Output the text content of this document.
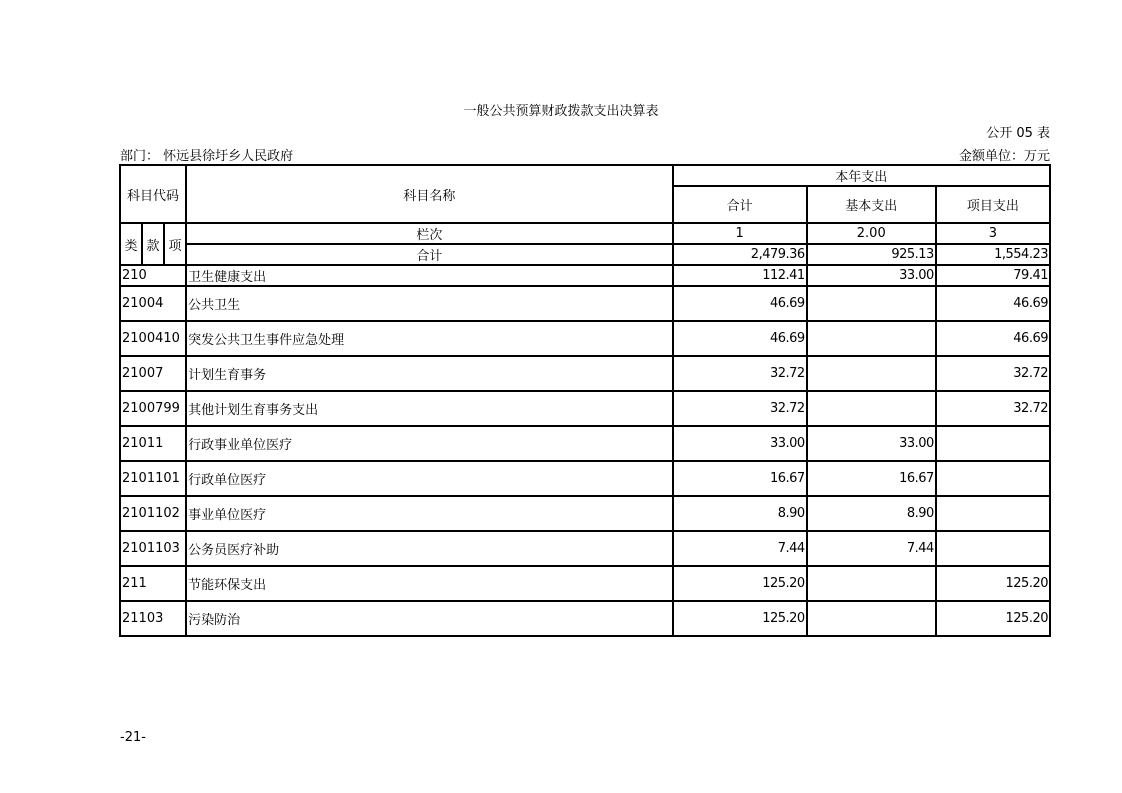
一般公共预算财政拨款支出决算表
公开 05 表
部门： 怀远县徐圩乡人民政府	金额单位：万元
科目代码			科目名称	本年支出		
				合计	基本支出	项目支出
类	款	项	栏次	1	2.00	3
			合计	2,479.36	925.13	1,554.23
210			卫生健康支出	112.41	33.00	79.41
21004			公共卫生	46.69		46.69
2100410			突发公共卫生事件应急处理	46.69		46.69
21007			计划生育事务	32.72		32.72
2100799			其他计划生育事务支出	32.72		32.72
21011			行政事业单位医疗	33.00	33.00	
2101101			行政单位医疗	16.67	16.67	
2101102			事业单位医疗	8.90	8.90	
2101103			公务员医疗补助	7.44	7.44	
211			节能环保支出	125.20		125.20
21103			污染防治	125.20		125.20
-21-
